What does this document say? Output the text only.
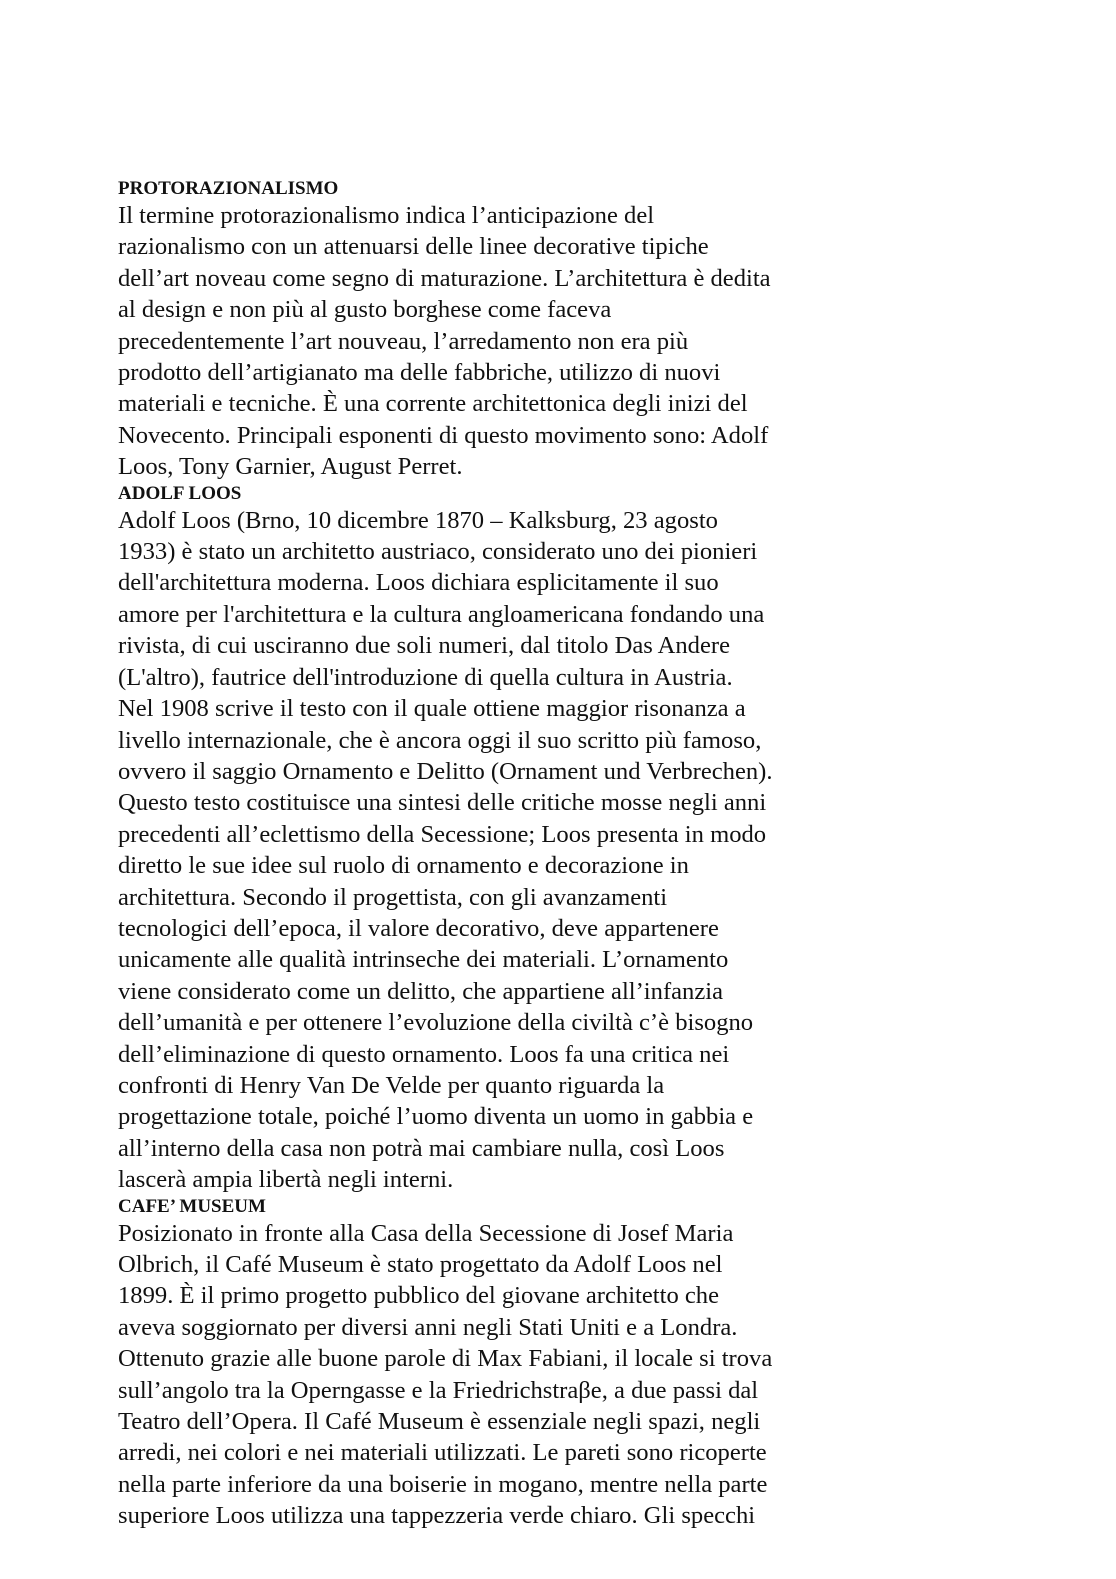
PROTORAZIONALISMO

Il termine protorazionalismo indica l’anticipazione del

razionalismo con un attenuarsi delle linee decorative tipiche

dell’art noveau come segno di maturazione. L’architettura è dedita

al design e non più al gusto borghese come faceva

precedentemente l’art nouveau, l’arredamento non era più

prodotto dell’artigianato ma delle fabbriche, utilizzo di nuovi

materiali e tecniche. È una corrente architettonica degli inizi del

Novecento. Principali esponenti di questo movimento sono: Adolf

Loos, Tony Garnier, August Perret.

ADOLF LOOS

Adolf Loos (Brno, 10 dicembre 1870 – Kalksburg, 23 agosto

1933) è stato un architetto austriaco, considerato uno dei pionieri

dell'architettura moderna. Loos dichiara esplicitamente il suo

amore per l'architettura e la cultura angloamericana fondando una

rivista, di cui usciranno due soli numeri, dal titolo Das Andere

(L'altro), fautrice dell'introduzione di quella cultura in Austria.

Nel 1908 scrive il testo con il quale ottiene maggior risonanza a

livello internazionale, che è ancora oggi il suo scritto più famoso,

ovvero il saggio Ornamento e Delitto (Ornament und Verbrechen).

Questo testo costituisce una sintesi delle critiche mosse negli anni

precedenti all’eclettismo della Secessione; Loos presenta in modo

diretto le sue idee sul ruolo di ornamento e decorazione in

architettura. Secondo il progettista, con gli avanzamenti

tecnologici dell’epoca, il valore decorativo, deve appartenere

unicamente alle qualità intrinseche dei materiali. L’ornamento

viene considerato come un delitto, che appartiene all’infanzia

dell’umanità e per ottenere l’evoluzione della civiltà c’è bisogno

dell’eliminazione di questo ornamento. Loos fa una critica nei

confronti di Henry Van De Velde per quanto riguarda la

progettazione totale, poiché l’uomo diventa un uomo in gabbia e

all’interno della casa non potrà mai cambiare nulla, così Loos

lascerà ampia libertà negli interni.

CAFE’ MUSEUM

Posizionato in fronte alla Casa della Secessione di Josef Maria

Olbrich, il Café Museum è stato progettato da Adolf Loos nel

1899. È il primo progetto pubblico del giovane architetto che

aveva soggiornato per diversi anni negli Stati Uniti e a Londra.

Ottenuto grazie alle buone parole di Max Fabiani, il locale si trova

sull’angolo tra la Operngasse e la Friedrichstraβe, a due passi dal

Teatro dell’Opera. Il Café Museum è essenziale negli spazi, negli

arredi, nei colori e nei materiali utilizzati. Le pareti sono ricoperte

nella parte inferiore da una boiserie in mogano, mentre nella parte

superiore Loos utilizza una tappezzeria verde chiaro. Gli specchi
